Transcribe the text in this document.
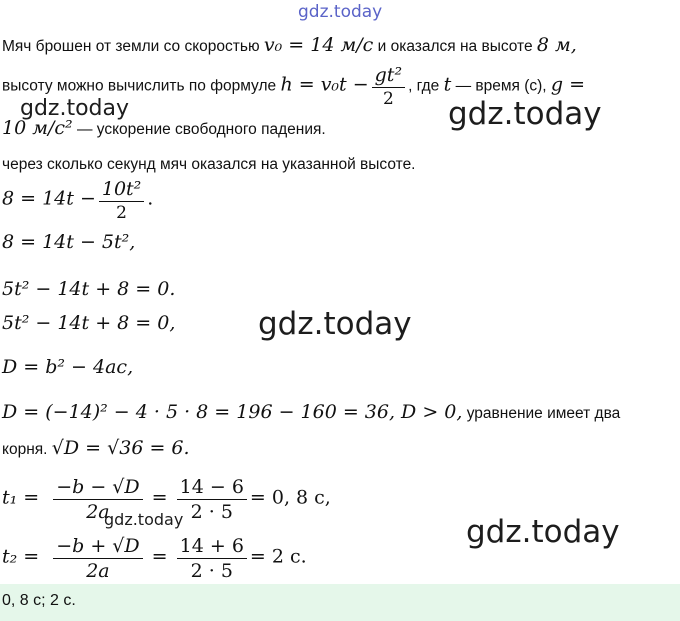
gdz.today
gdz.today	gdz.today
gdz.today
gdz.today
Мяч брошен от земли со скоростью v₀ = 14 м/c и оказался на высоте 8 м,
высоту можно вычислить по формуле $h = v_0t - \frac{\text{gt²}}{2}$ , где t — время (с), g =
10 м/c² — ускорение свободного падения.
через сколько секунд мяч оказался на указанной высоте.
$8 = 14t - \frac{\text{10t²}}{2}$ .
8 = 14t − 5t²,
5t² − 14t + 8 = 0.
5t² − 14t + 8 = 0,
D = b² − 4ac,
D = (−14)² − 4 · 5 · 8 = 196 − 160 = 36, D > 0, уравнение имеет два
корня. √D = √36 = 6.
$t_1 = \frac{-b - √D}{2a} = \frac{14 - 6}{2 \cdot 5} = 0$, 8 с,
gdz.today
$t_2 = \frac{-b + √D}{2a} = \frac{14 + 6}{2 \cdot 5} = 2$ с.
0, 8 с; 2 с.
